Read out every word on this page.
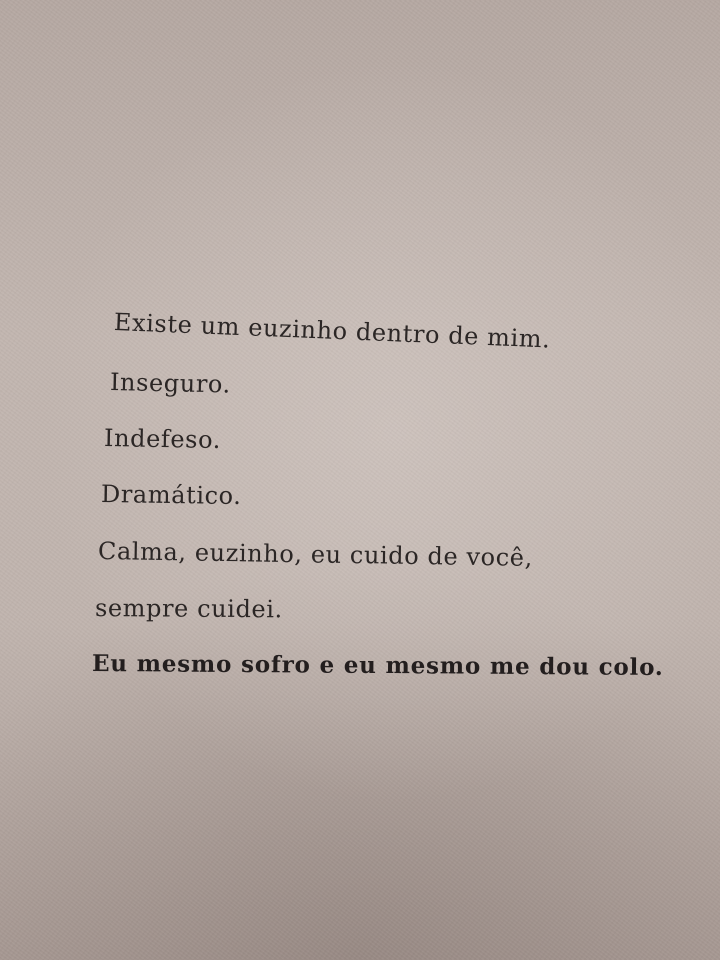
Existe um euzinho dentro de mim.
Inseguro.
Indefeso.
Dramático.
Calma, euzinho, eu cuido de você,
sempre cuidei.
Eu mesmo sofro e eu mesmo me dou colo.
